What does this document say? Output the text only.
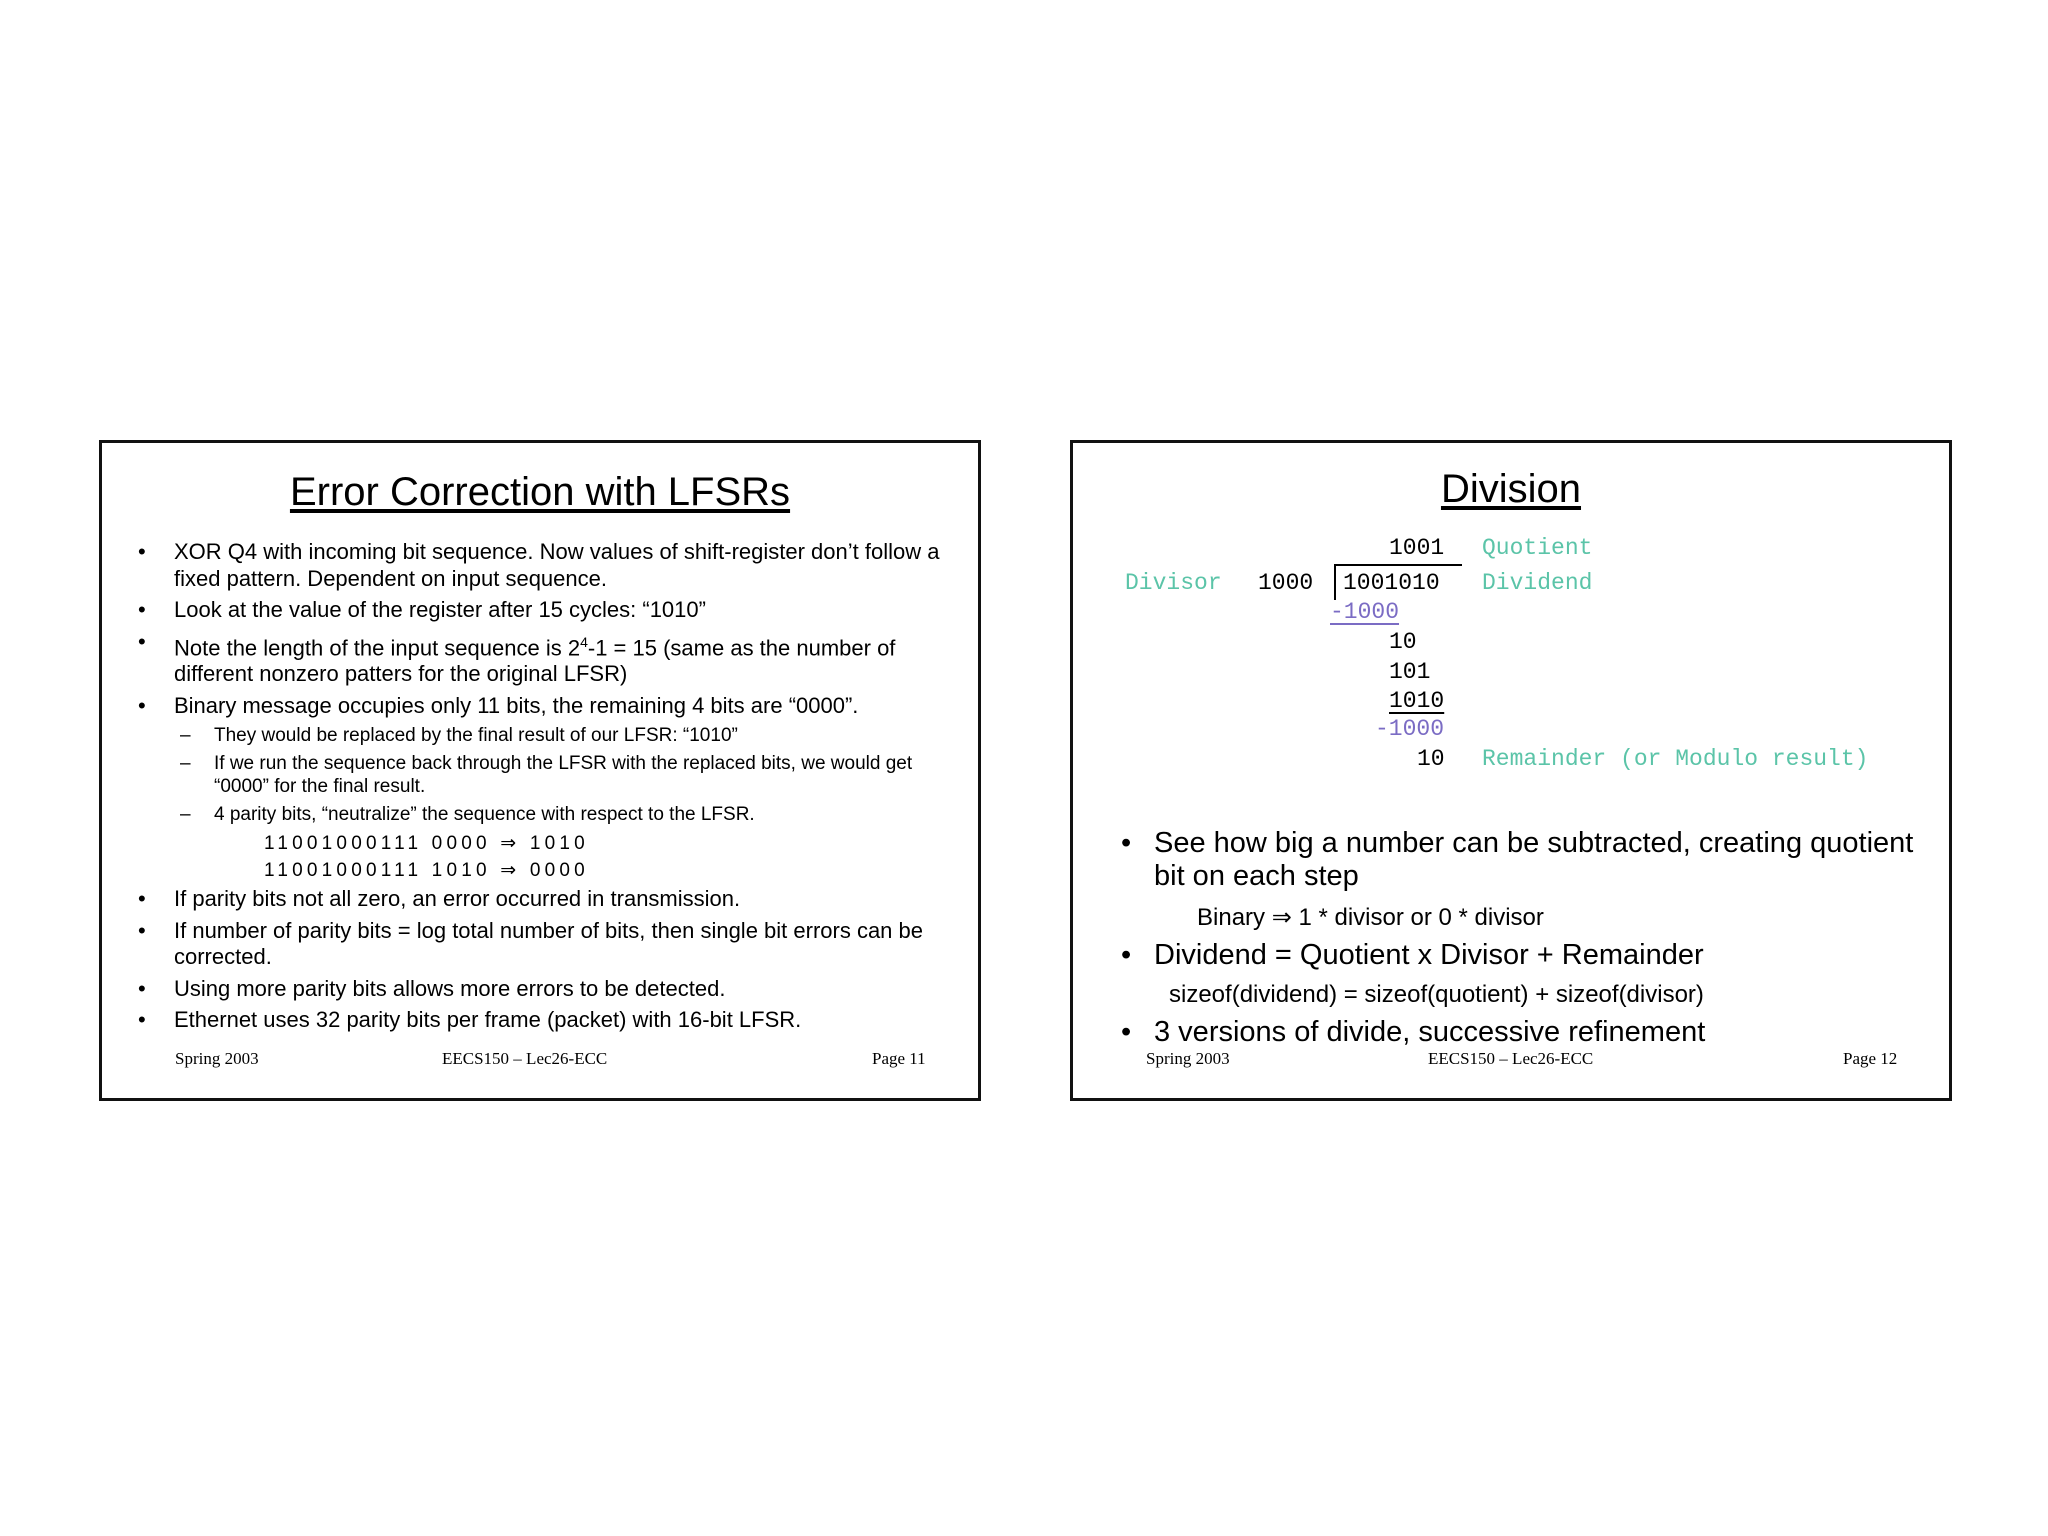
Error Correction with LFSRs
• XOR Q4 with incoming bit sequence. Now values of shift-register don’t follow a fixed pattern. Dependent on input sequence.
• Look at the value of the register after 15 cycles: “1010”
• Note the length of the input sequence is $2^4-1 = 15$ (same as the number of different nonzero patters for the original LFSR)
• Binary message occupies only 11 bits, the remaining 4 bits are “0000”.
– They would be replaced by the final result of our LFSR: “1010”
– If we run the sequence back through the LFSR with the replaced bits, we would get “0000” for the final result.
– 4 parity bits, “neutralize” the sequence with respect to the LFSR.
11001000111 0000 ⇒ 1010
11001000111 1010 ⇒ 0000
• If parity bits not all zero, an error occurred in transmission.
• If number of parity bits = log total number of bits, then single bit errors can be corrected.
• Using more parity bits allows more errors to be detected.
• Ethernet uses 32 parity bits per frame (packet) with 16-bit LFSR.
Spring 2003	EECS150 – Lec26-ECC	Page 11
Division
1001 Quotient
Divisor 1000 1001010 Dividend
-1000
10
101
1010
-1000
10 Remainder (or Modulo result)
• See how big a number can be subtracted, creating quotient bit on each step
Binary ⇒ 1 * divisor or 0 * divisor
• Dividend = Quotient x Divisor + Remainder
sizeof(dividend) = sizeof(quotient) + sizeof(divisor)
• 3 versions of divide, successive refinement
Spring 2003	EECS150 – Lec26-ECC	Page 12
